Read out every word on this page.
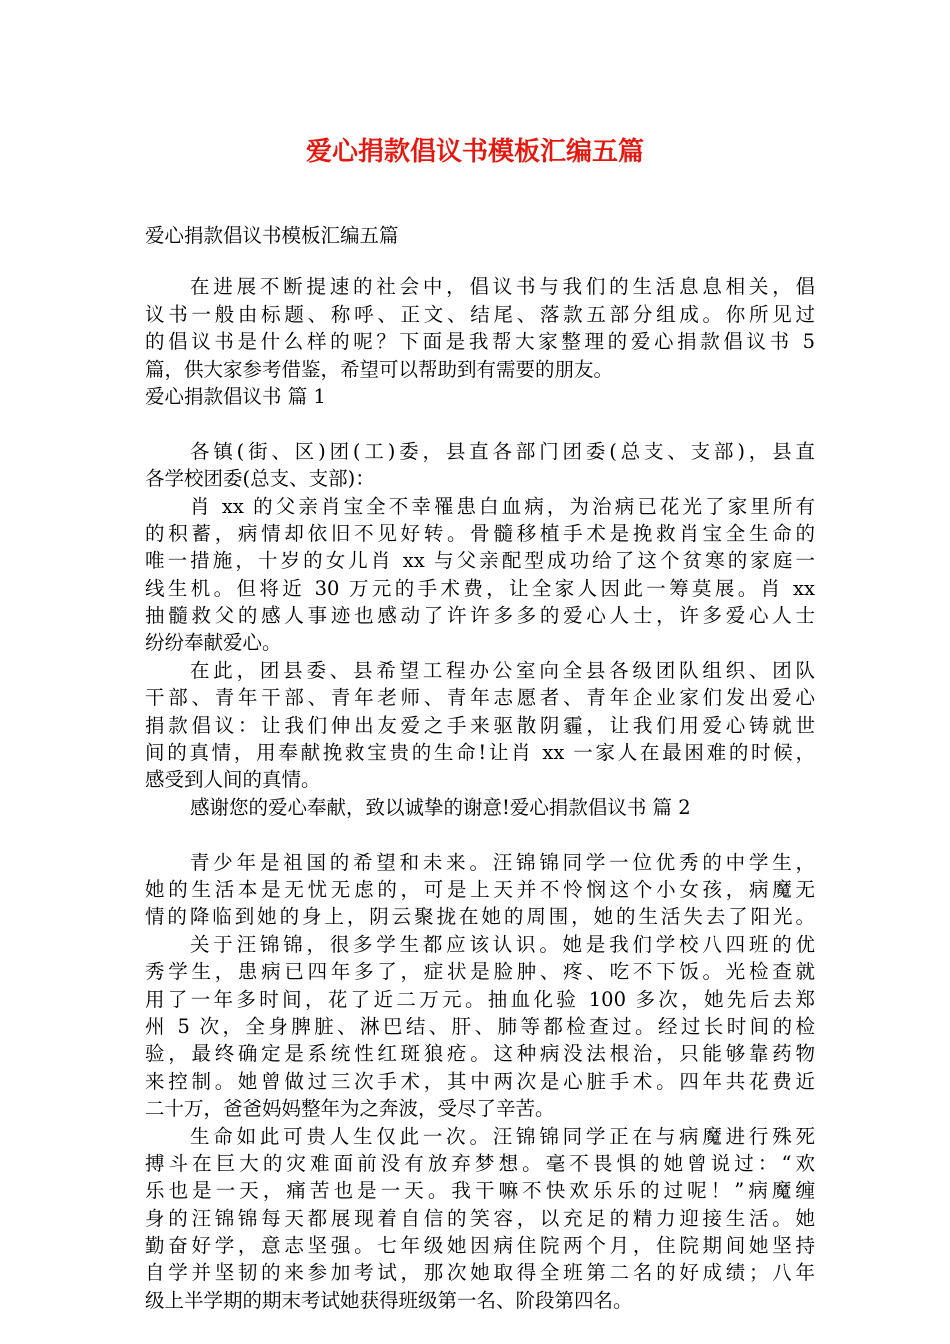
爱心捐款倡议书模板汇编五篇
爱心捐款倡议书模板汇编五篇
在进展不断提速的社会中，倡议书与我们的生活息息相关，倡
议书一般由标题、称呼、正文、结尾、落款五部分组成。你所见过
的倡议书是什么样的呢？下面是我帮大家整理的爱心捐款倡议书 5
篇，供大家参考借鉴，希望可以帮助到有需要的朋友。
爱心捐款倡议书 篇 1
各镇(街、区)团(工)委，县直各部门团委(总支、支部)，县直
各学校团委(总支、支部)：
肖 xx 的父亲肖宝全不幸罹患白血病，为治病已花光了家里所有
的积蓄，病情却依旧不见好转。骨髓移植手术是挽救肖宝全生命的
唯一措施，十岁的女儿肖 xx 与父亲配型成功给了这个贫寒的家庭一
线生机。但将近 30 万元的手术费，让全家人因此一筹莫展。肖 xx
抽髓救父的感人事迹也感动了许许多多的爱心人士，许多爱心人士
纷纷奉献爱心。
在此，团县委、县希望工程办公室向全县各级团队组织、团队
干部、青年干部、青年老师、青年志愿者、青年企业家们发出爱心
捐款倡议：让我们伸出友爱之手来驱散阴霾，让我们用爱心铸就世
间的真情，用奉献挽救宝贵的生命!让肖 xx 一家人在最困难的时候，
感受到人间的真情。
感谢您的爱心奉献，致以诚挚的谢意!爱心捐款倡议书 篇 2
青少年是祖国的希望和未来。汪锦锦同学一位优秀的中学生，
她的生活本是无忧无虑的，可是上天并不怜悯这个小女孩，病魔无
情的降临到她的身上，阴云聚拢在她的周围，她的生活失去了阳光。
关于汪锦锦，很多学生都应该认识。她是我们学校八四班的优
秀学生，患病已四年多了，症状是脸肿、疼、吃不下饭。光检查就
用了一年多时间，花了近二万元。抽血化验 100 多次，她先后去郑
州 5 次，全身脾脏、淋巴结、肝、肺等都检查过。经过长时间的检
验，最终确定是系统性红斑狼疮。这种病没法根治，只能够靠药物
来控制。她曾做过三次手术，其中两次是心脏手术。四年共花费近
二十万，爸爸妈妈整年为之奔波，受尽了辛苦。
生命如此可贵人生仅此一次。汪锦锦同学正在与病魔进行殊死
搏斗在巨大的灾难面前没有放弃梦想。毫不畏惧的她曾说过：“欢
乐也是一天，痛苦也是一天。我干嘛不快欢乐乐的过呢！”病魔缠
身的汪锦锦每天都展现着自信的笑容，以充足的精力迎接生活。她
勤奋好学，意志坚强。七年级她因病住院两个月，住院期间她坚持
自学并坚韧的来参加考试，那次她取得全班第二名的好成绩；八年
级上半学期的期末考试她获得班级第一名、阶段第四名。
